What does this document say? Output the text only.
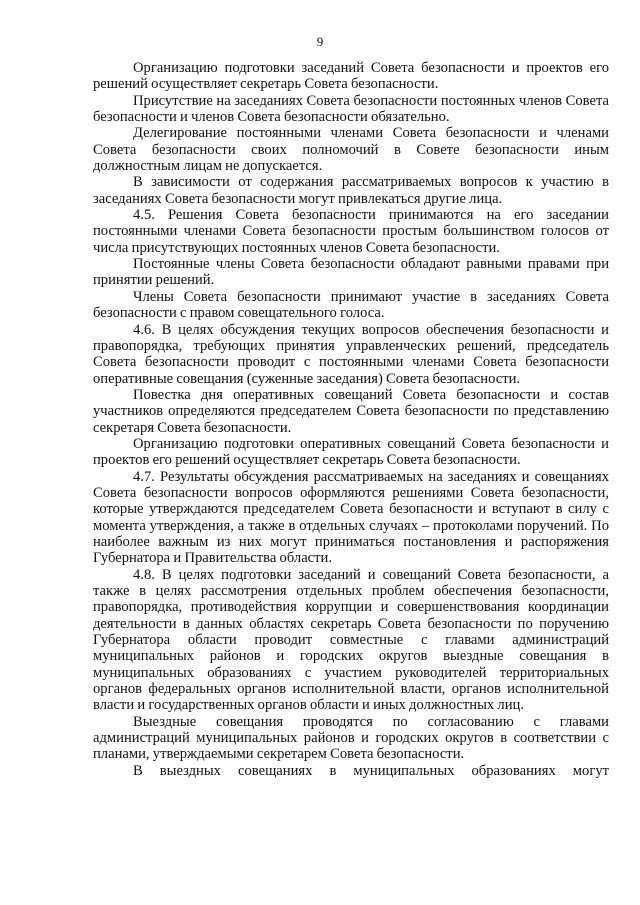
9

Организацию подготовки заседаний Совета безопасности и проектов его решений осуществляет секретарь Совета безопасности.

Присутствие на заседаниях Совета безопасности постоянных членов Совета безопасности и членов Совета безопасности обязательно.

Делегирование постоянными членами Совета безопасности и членами Совета безопасности своих полномочий в Совете безопасности иным должностным лицам не допускается.

В зависимости от содержания рассматриваемых вопросов к участию в заседаниях Совета безопасности могут привлекаться другие лица.

4.5. Решения Совета безопасности принимаются на его заседании постоянными членами Совета безопасности простым большинством голосов от числа присутствующих постоянных членов Совета безопасности.

Постоянные члены Совета безопасности обладают равными правами при принятии решений.

Члены Совета безопасности принимают участие в заседаниях Совета безопасности с правом совещательного голоса.

4.6. В целях обсуждения текущих вопросов обеспечения безопасности и правопорядка, требующих принятия управленческих решений, председатель Совета безопасности проводит с постоянными членами Совета безопасности оперативные совещания (суженные заседания) Совета безопасности.

Повестка дня оперативных совещаний Совета безопасности и состав участников определяются председателем Совета безопасности по представлению секретаря Совета безопасности.

Организацию подготовки оперативных совещаний Совета безопасности и проектов его решений осуществляет секретарь Совета безопасности.

4.7. Результаты обсуждения рассматриваемых на заседаниях и совещаниях Совета безопасности вопросов оформляются решениями Совета безопасности, которые утверждаются председателем Совета безопасности и вступают в силу с момента утверждения, а также в отдельных случаях – протоколами поручений. По наиболее важным из них могут приниматься постановления и распоряжения Губернатора и Правительства области.

4.8. В целях подготовки заседаний и совещаний Совета безопасности, а также в целях рассмотрения отдельных проблем обеспечения безопасности, правопорядка, противодействия коррупции и совершенствования координации деятельности в данных областях секретарь Совета безопасности по поручению Губернатора области проводит совместные с главами администраций муниципальных районов и городских округов выездные совещания в муниципальных образованиях с участием руководителей территориальных органов федеральных органов исполнительной власти, органов исполнительной власти и государственных органов области и иных должностных лиц.

Выездные совещания проводятся по согласованию с главами администраций муниципальных районов и городских округов в соответствии с планами, утверждаемыми секретарем Совета безопасности.

В выездных совещаниях в муниципальных образованиях могут
